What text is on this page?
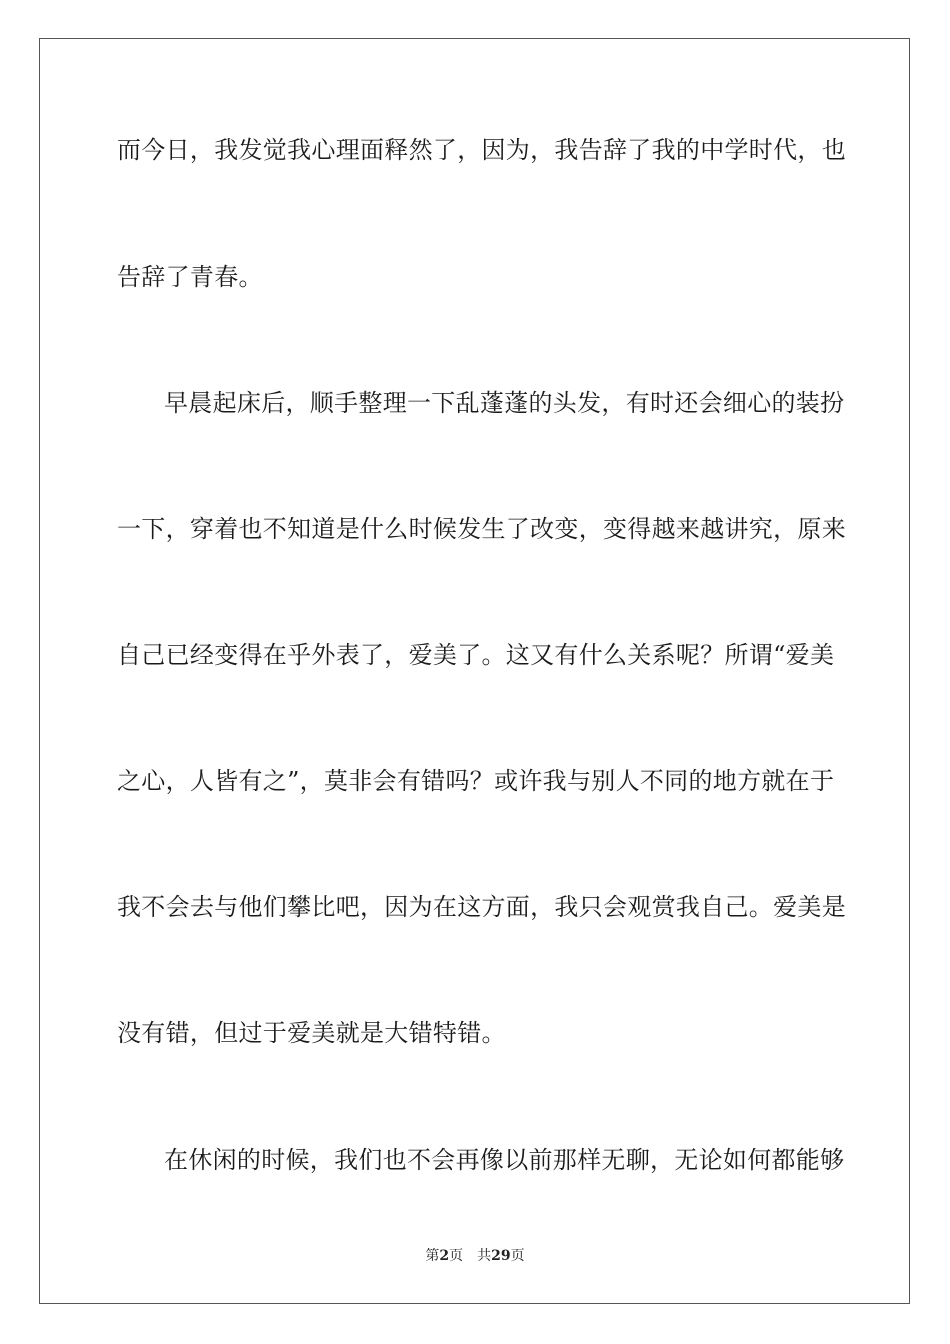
而今日，我发觉我心理面释然了，因为，我告辞了我的中学时代，也
告辞了青春。
早晨起床后，顺手整理一下乱蓬蓬的头发，有时还会细心的装扮
一下，穿着也不知道是什么时候发生了改变，变得越来越讲究，原来
自己已经变得在乎外表了，爱美了。这又有什么关系呢？所谓“爱美
之心，人皆有之”，莫非会有错吗？或许我与别人不同的地方就在于
我不会去与他们攀比吧，因为在这方面，我只会观赏我自己。爱美是
没有错，但过于爱美就是大错特错。
在休闲的时候，我们也不会再像以前那样无聊，无论如何都能够
第2页 共29页
